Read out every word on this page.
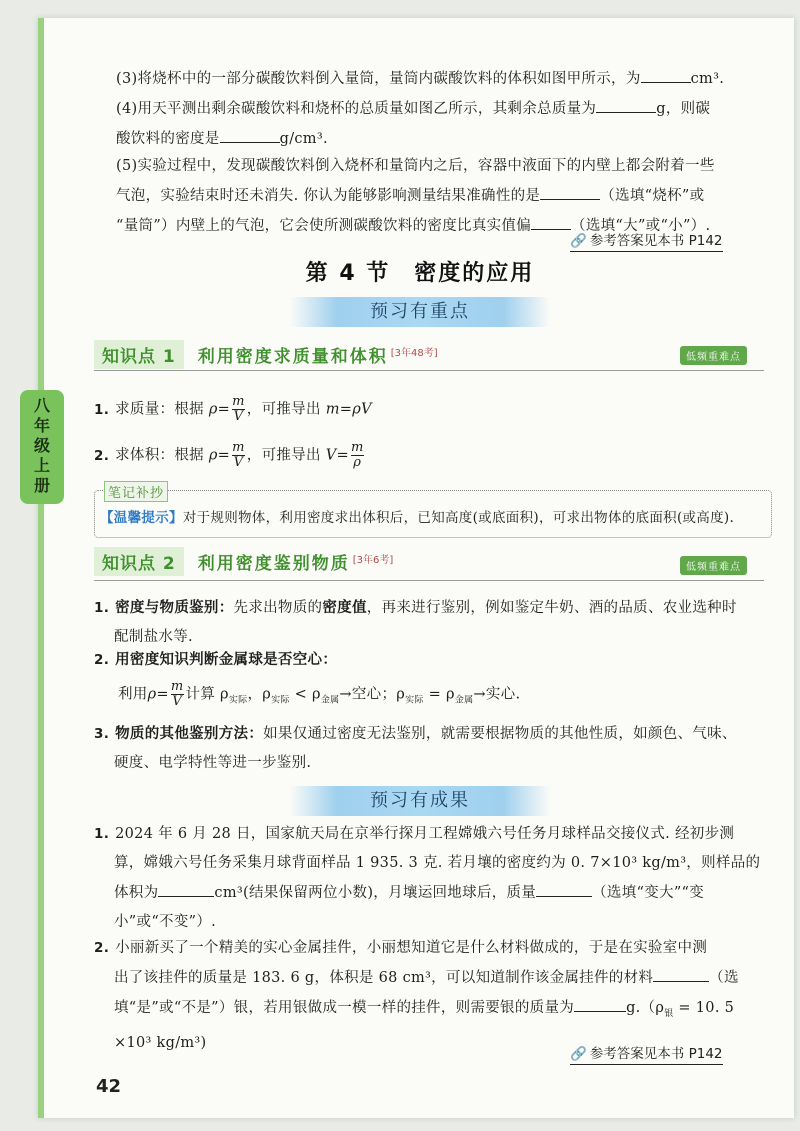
(3)将烧杯中的一部分碳酸饮料倒入量筒，量筒内碳酸饮料的体积如图甲所示，为	cm³.
(4)用天平测出剩余碳酸饮料和烧杯的总质量如图乙所示，其剩余总质量为	g，则碳
酸饮料的密度是	g/cm³.
(5)实验过程中，发现碳酸饮料倒入烧杯和量筒内之后，容器中液面下的内壁上都会附着一些
气泡，实验结束时还未消失. 你认为能够影响测量结果准确性的是	（选填“烧杯”或
“量筒”）内壁上的气泡，它会使所测碳酸饮料的密度比真实值偏	（选填“大”或“小”）.
🔗 参考答案见本书 P142
第 4 节　密度的应用
预习有重点
知识点 1 利用密度求质量和体积 [3年48考]	低频重难点
八年级上册
1. 求质量：根据 $\rho= \frac{m}{V}$ ，可推导出 m=ρV
2. 求体积：根据 $\rho= \frac{m}{V}$ ，可推导出 $V= \frac{m}{\rho}$
笔记补抄
【温馨提示】对于规则物体，利用密度求出体积后，已知高度(或底面积)，可求出物体的底面积(或高度).
知识点 2 利用密度鉴别物质 [3年6考]
低频重难点
1. 密度与物质鉴别：先求出物质的密度值，再来进行鉴别，例如鉴定牛奶、酒的品质、农业选种时
配制盐水等.
2. 用密度知识判断金属球是否空心：
利用$\rho= \frac{m}{V}$ 计算 $\rho_{实际}$，$\rho_{实际} < \rho_{金属}\to$空心；$\rho_{实际} = \rho_{金属}\to$实心.
3. 物质的其他鉴别方法：如果仅通过密度无法鉴别，就需要根据物质的其他性质，如颜色、气味、
硬度、电学特性等进一步鉴别.
预习有成果
1. 2024 年 6 月 28 日，国家航天局在京举行探月工程嫦娥六号任务月球样品交接仪式. 经初步测
算，嫦娥六号任务采集月球背面样品 1 935. 3 克. 若月壤的密度约为 0. 7×10³ kg/m³，则样品的
体积为	cm³(结果保留两位小数)，月壤运回地球后，质量	（选填“变大”“变
小”或“不变”）.
2. 小丽新买了一个精美的实心金属挂件，小丽想知道它是什么材料做成的，于是在实验室中测
出了该挂件的质量是 183. 6 g，体积是 68 cm³，可以知道制作该金属挂件的材料	（选
填“是”或“不是”）银，若用银做成一模一样的挂件，则需要银的质量为	$g.(\rho_银 = 10$. 5
×10³ kg/m³)
🔗 参考答案见本书 P142
42
